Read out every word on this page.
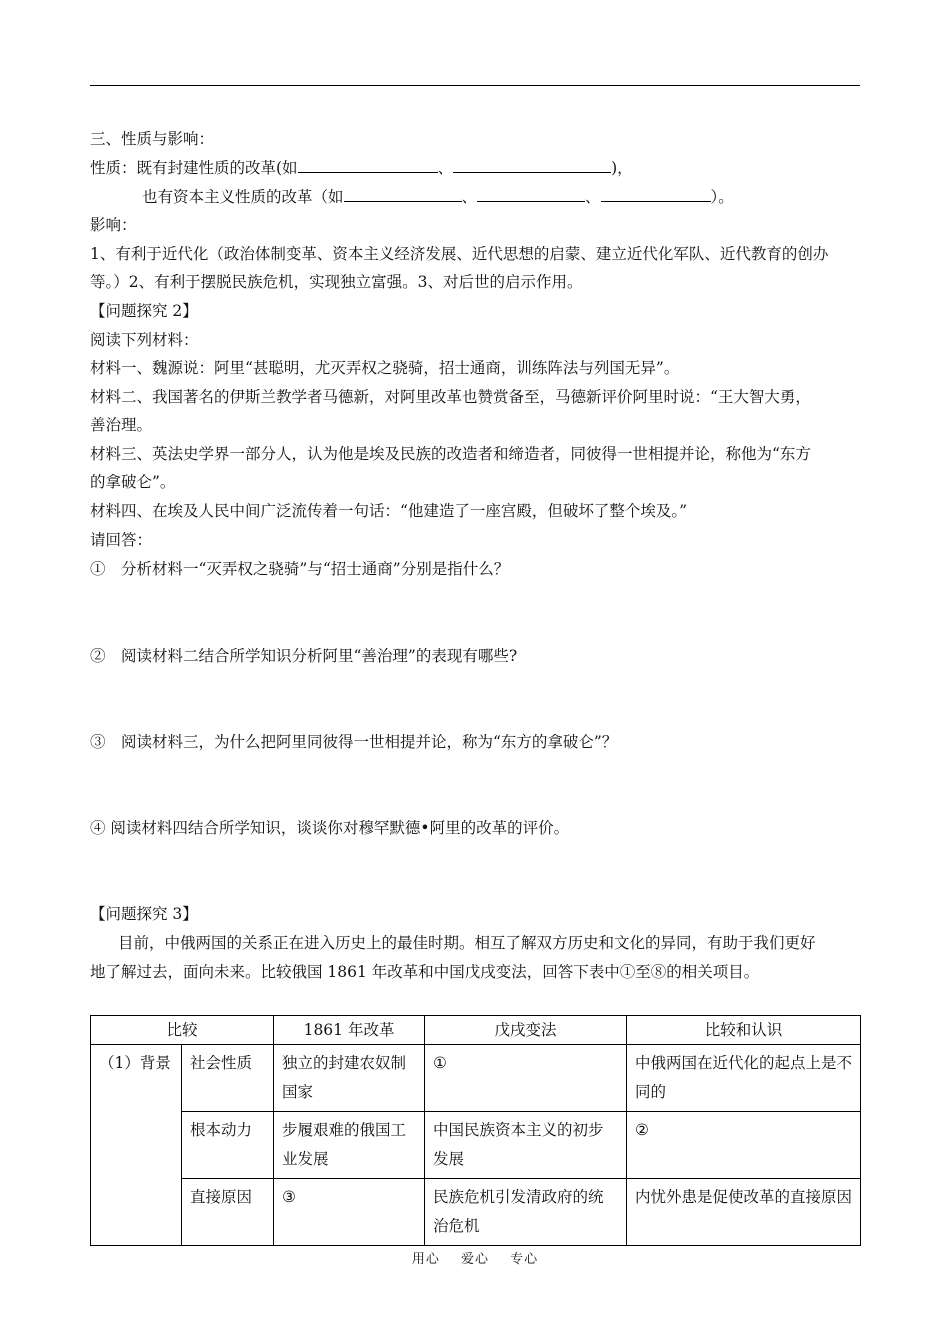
三、性质与影响：
性质：既有封建性质的改革(如	、	)，
也有资本主义性质的改革（如	、	、	）。
影响：
1、有利于近代化（政治体制变革、资本主义经济发展、近代思想的启蒙、建立近代化军队、近代教育的创办
等。）2、有利于摆脱民族危机，实现独立富强。3、对后世的启示作用。
【问题探究 2】
阅读下列材料：
材料一、魏源说：阿里“甚聪明，尤灭弄权之骁骑，招士通商，训练阵法与列国无异”。
材料二、我国著名的伊斯兰教学者马德新，对阿里改革也赞赏备至，马德新评价阿里时说：“王大智大勇，
善治理。
材料三、英法史学界一部分人，认为他是埃及民族的改造者和缔造者，同彼得一世相提并论，称他为“东方
的拿破仑”。
材料四、在埃及人民中间广泛流传着一句话：“他建造了一座宫殿，但破坏了整个埃及。”
请回答：
①　分析材料一“灭弄权之骁骑”与“招士通商”分别是指什么？
②　阅读材料二结合所学知识分析阿里“善治理”的表现有哪些?
③　阅读材料三，为什么把阿里同彼得一世相提并论，称为“东方的拿破仑”？
④ 阅读材料四结合所学知识，谈谈你对穆罕默德•阿里的改革的评价。
【问题探究 3】
目前，中俄两国的关系正在进入历史上的最佳时期。相互了解双方历史和文化的异同，有助于我们更好
地了解过去，面向未来。比较俄国 1861 年改革和中国戊戌变法，回答下表中①至⑧的相关项目。
比较		1861 年改革	戊戌变法	比较和认识
（1）背景	社会性质	独立的封建农奴制国家	①	中俄两国在近代化的起点上是不同的
	根本动力	步履艰难的俄国工业发展	中国民族资本主义的初步发展	②
	直接原因	③	民族危机引发清政府的统治危机	内忧外患是促使改革的直接原因
用心 爱心 专心
